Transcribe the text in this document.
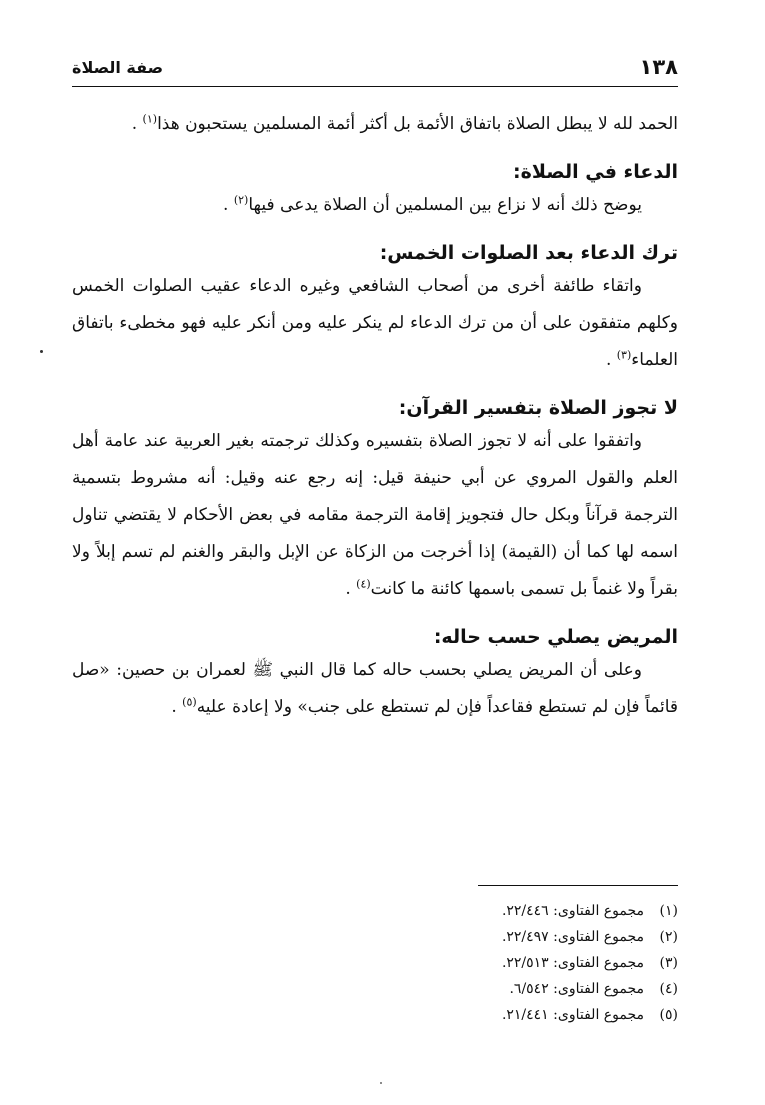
١٣٨
صفة الصلاة

الحمد لله لا يبطل الصلاة باتفاق الأئمة بل أكثر أئمة المسلمين يستحبون هذا$^{(١)}$ .

الدعاء في الصلاة:

يوضح ذلك أنه لا نزاع بين المسلمين أن الصلاة يدعى فيها$^{(٢)}$ .

ترك الدعاء بعد الصلوات الخمس:

واتقاء طائفة أخرى من أصحاب الشافعي وغيره الدعاء عقيب الصلوات الخمس وكلهم متفقون على أن من ترك الدعاء لم ينكر عليه ومن أنكر عليه فهو مخطىء باتفاق العلماء$^{(٣)}$ .

لا تجوز الصلاة بتفسير القرآن:

واتفقوا على أنه لا تجوز الصلاة بتفسيره وكذلك ترجمته بغير العربية عند عامة أهل العلم والقول المروي عن أبي حنيفة قيل: إنه رجع عنه وقيل: أنه مشروط بتسمية الترجمة قرآناً وبكل حال فتجويز إقامة الترجمة مقامه في بعض الأحكام لا يقتضي تناول اسمه لها كما أن (القيمة) إذا أخرجت من الزكاة عن الإبل والبقر والغنم لم تسم إبلاً ولا بقراً ولا غنماً بل تسمى باسمها كائنة ما كانت$^{(٤)}$ .

المريض يصلي حسب حاله:

وعلى أن المريض يصلي بحسب حاله كما قال النبي ﷺ لعمران بن حصين: «صل قائماً فإن لم تستطع فقاعداً فإن لم تستطع على جنب» ولا إعادة عليه$^{(٥)}$ .

(١)مجموع الفتاوى: ٢٢/٤٤٦.
(٢)مجموع الفتاوى: ٢٢/٤٩٧.
(٣)مجموع الفتاوى: ٢٢/٥١٣.
(٤)مجموع الفتاوى: ٦/٥٤٢.
(٥)مجموع الفتاوى: ٢١/٤٤١.
